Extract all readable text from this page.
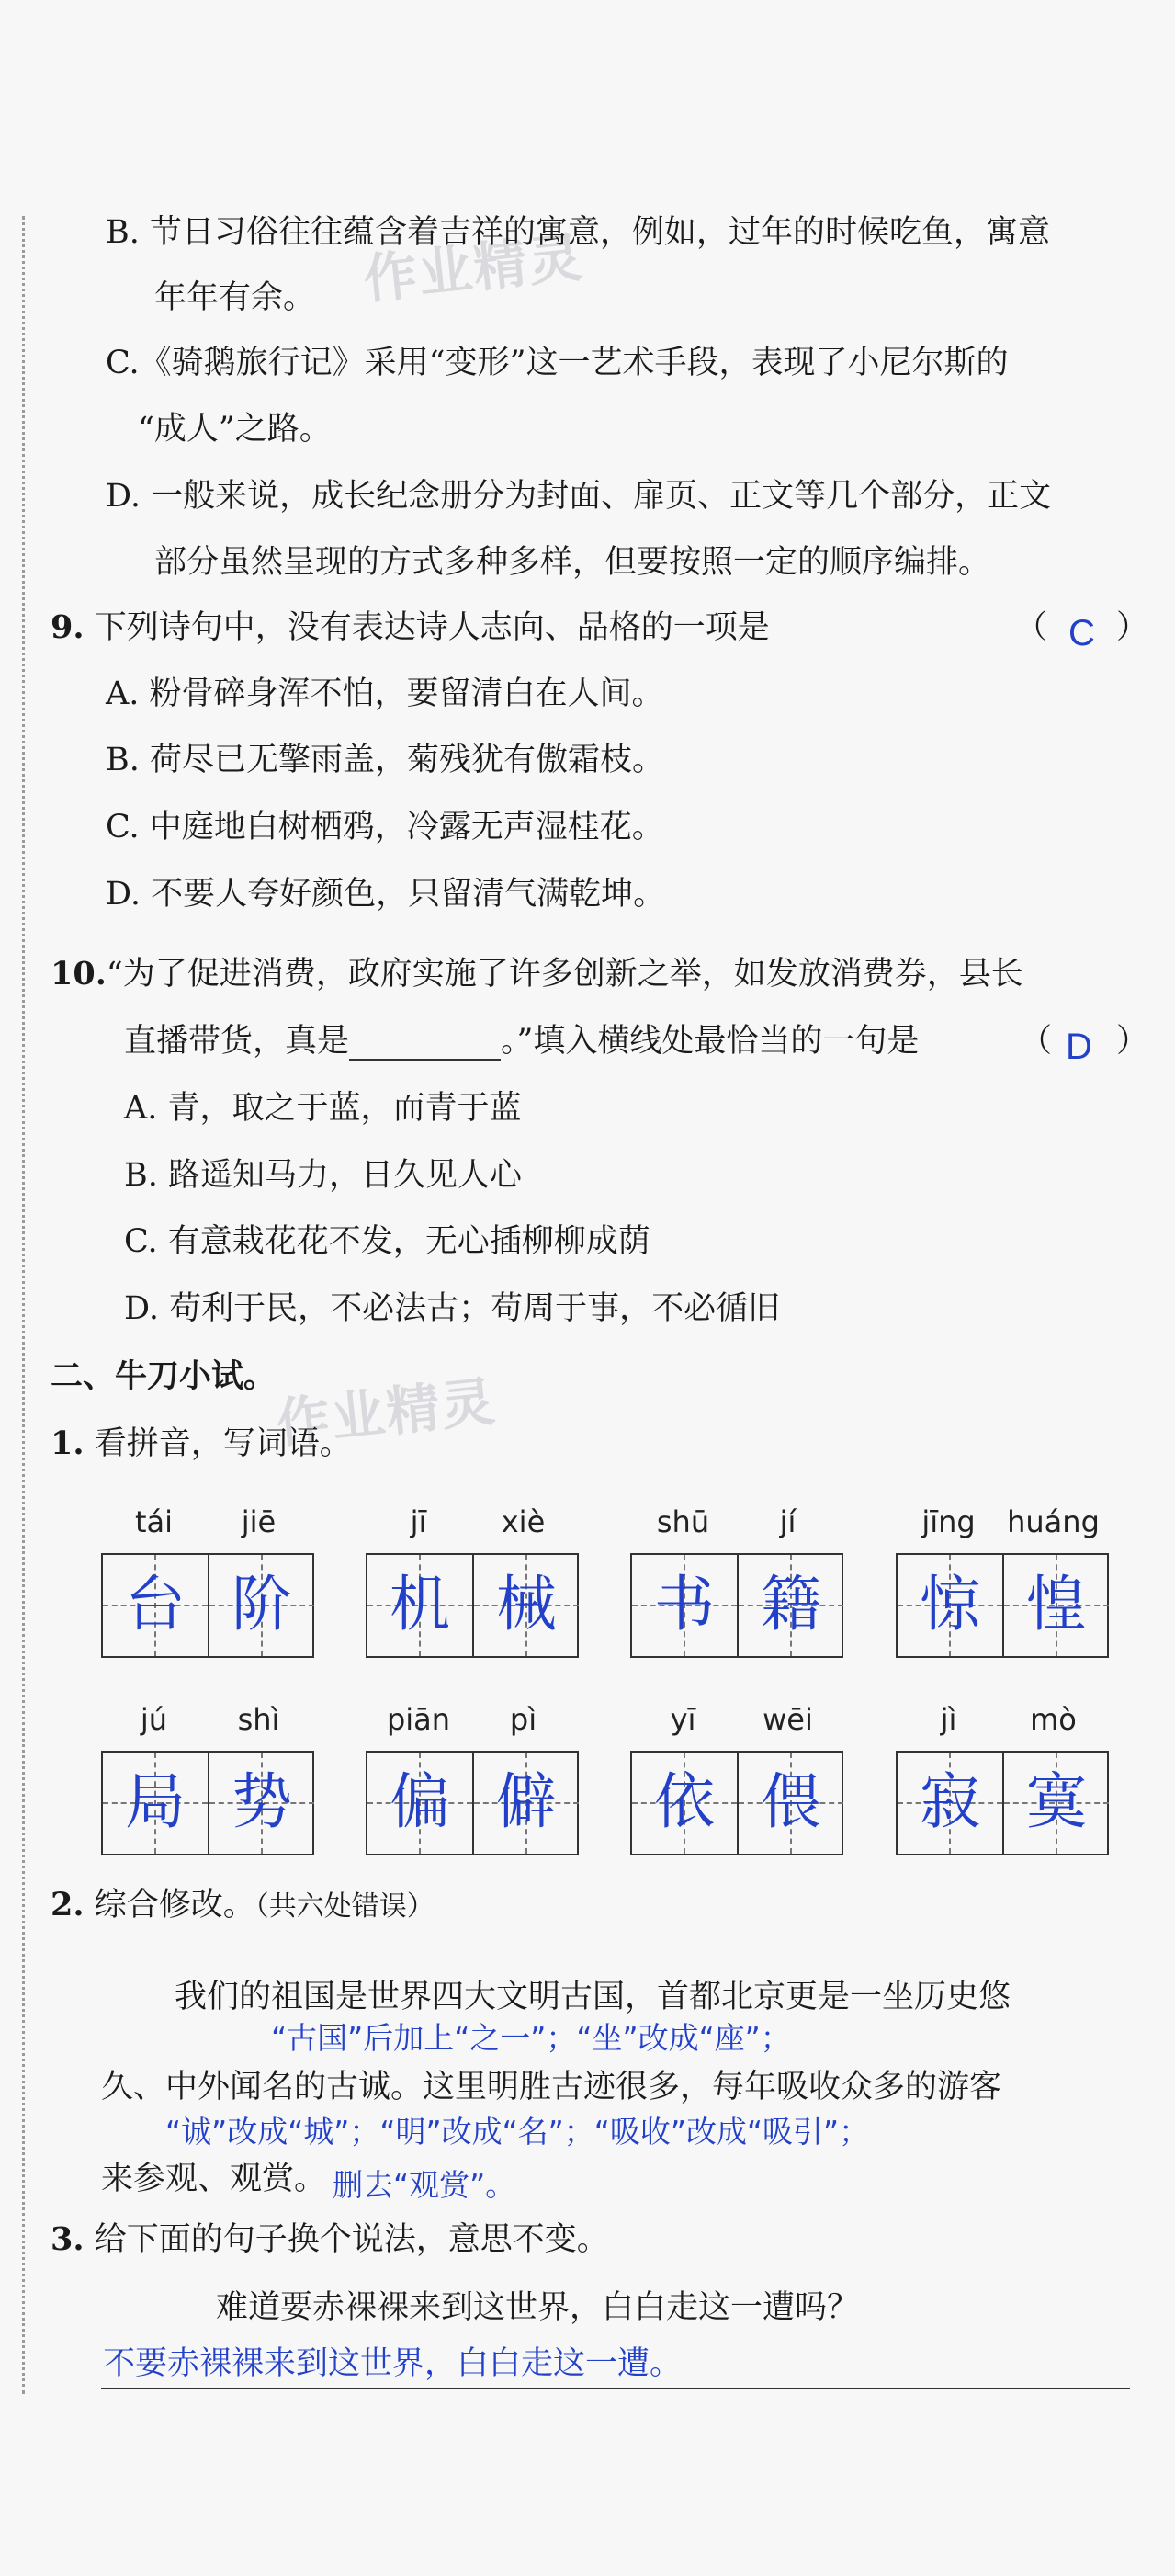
作业精灵
作业精灵
B. 节日习俗往往蕴含着吉祥的寓意，例如，过年的时候吃鱼，寓意
年年有余。
C.《骑鹅旅行记》采用“变形”这一艺术手段，表现了小尼尔斯的
“成人”之路。
D. 一般来说，成长纪念册分为封面、扉页、正文等几个部分，正文
部分虽然呈现的方式多种多样，但要按照一定的顺序编排。
9. 下列诗句中，没有表达诗人志向、品格的一项是	（ C ）
A. 粉骨碎身浑不怕，要留清白在人间。
B. 荷尽已无擎雨盖，菊残犹有傲霜枝。
C. 中庭地白树栖鸦，冷露无声湿桂花。
D. 不要人夸好颜色，只留清气满乾坤。
10.“为了促进消费，政府实施了许多创新之举，如发放消费券，县长
直播带货，真是	。”填入横线处最恰当的一句是	（ D ）
A. 青，取之于蓝，而青于蓝
B. 路遥知马力，日久见人心
C. 有意栽花花不发，无心插柳柳成荫
D. 苟利于民，不必法古；苟周于事，不必循旧
二、牛刀小试。
1. 看拼音，写词语。
tái	jiē	jī	xiè	shū	jí	jīng	huáng
台 阶	机 械	书 籍	惊 惶
jú	shì	piān	pì	yī	wēi	jì	mò
局 势	偏 僻	依 偎	寂 寞
2. 综合修改。（共六处错误）
我们的祖国是世界四大文明古国，首都北京更是一坐历史悠
“古国”后加上“之一”；“坐”改成“座”；
久、中外闻名的古诚。这里明胜古迹很多，每年吸收众多的游客
“诚”改成“城”；“明”改成“名”；“吸收”改成“吸引”；
来参观、观赏。 删去“观赏”。
3. 给下面的句子换个说法，意思不变。
难道要赤裸裸来到这世界，白白走这一遭吗？
不要赤裸裸来到这世界，白白走这一遭。
